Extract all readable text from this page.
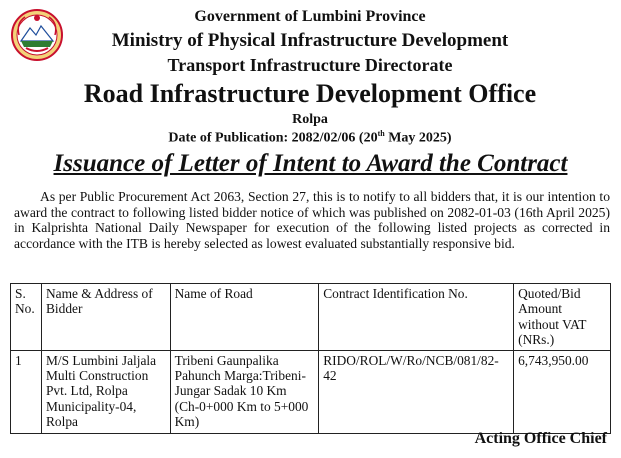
Government of Lumbini Province
Ministry of Physical Infrastructure Development
Transport Infrastructure Directorate
Road Infrastructure Development Office
Rolpa
Date of Publication: 2082/02/06 (20th May 2025)
Issuance of Letter of Intent to Award the Contract
As per Public Procurement Act 2063, Section 27, this is to notify to all bidders that, it is our intention to award the contract to following listed bidder notice of which was published on 2082-01-03 (16th April 2025) in Kalprishta National Daily Newspaper for execution of the following listed projects as corrected in accordance with the ITB is hereby selected as lowest evaluated substantially responsive bid.
S. No.	Name & Address of Bidder	Name of Road	Contract Identification No.	Quoted/Bid Amount without VAT (NRs.)
1	M/S Lumbini Jaljala Multi Construction Pvt. Ltd, Rolpa Municipality-04, Rolpa	Tribeni Gaunpalika Pahunch Marga:Tribeni-Jungar Sadak 10 Km (Ch-0+000 Km to 5+000 Km)	RIDO/ROL/W/Ro/NCB/081/82-42	6,743,950.00
Acting Office Chief
